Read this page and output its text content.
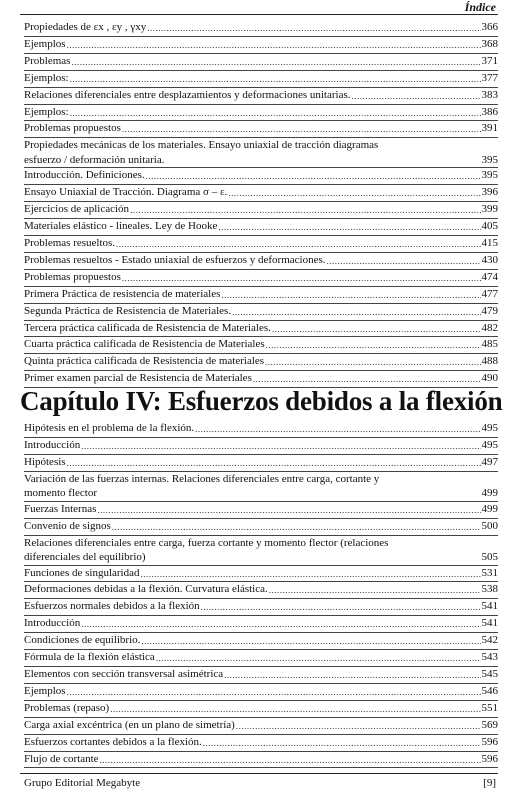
Índice
Propiedades de εx , εy , γxy .....	366
Ejemplos .....	368
Problemas .....	371
Ejemplos: .....	377
Relaciones diferenciales entre desplazamientos y deformaciones unitarias. .....	383
Ejemplos: .....	386
Problemas propuestos .....	391
Propiedades mecánicas de los materiales. Ensayo uniaxial de tracción diagramas
esfuerzo / deformación unitaria.	395
Introducción. Definiciones. .....	395
Ensayo Uniaxial de Tracción. Diagrama σ – ε. .....	396
Ejercicios de aplicación .....	399
Materiales elástico - lineales. Ley de Hooke .....	405
Problemas resueltos. .....	415
Problemas resueltos - Estado uniaxial de esfuerzos y deformaciones. .....	430
Problemas propuestos .....	474
Primera Práctica de resistencia de materiales .....	477
Segunda Práctica de Resistencia de Materiales. .....	479
Tercera práctica calificada de Resistencia de Materiales. .....	482
Cuarta práctica calificada de Resistencia de Materiales .....	485
Quinta práctica calificada de Resistencia de materiales .....	488
Primer examen parcial de Resistencia de Materiales .....	490
Capítulo IV: Esfuerzos debidos a la flexión
Hipótesis en el problema de la flexión. .....	495
Introducción .....	495
Hipótesis .....	497
Variación de las fuerzas internas. Relaciones diferenciales entre carga, cortante y
momento flector	499
Fuerzas Internas .....	499
Convenio de signos .....	500
Relaciones diferenciales entre carga, fuerza cortante y momento flector (relaciones
diferenciales del equilibrio)	505
Funciones de singularidad .....	531
Deformaciones debidas a la flexión. Curvatura elástica. .....	538
Esfuerzos normales debidos a la flexión .....	541
Introducción .....	541
Condiciones de equilibrio. .....	542
Fórmula de la flexión elástica .....	543
Elementos con sección transversal asimétrica .....	545
Ejemplos .....	546
Problemas (repaso) .....	551
Carga axial excéntrica (en un plano de simetría) .....	569
Esfuerzos cortantes debidos a la flexión. .....	596
Flujo de cortante .....	596
Grupo Editorial Megabyte	[9]
